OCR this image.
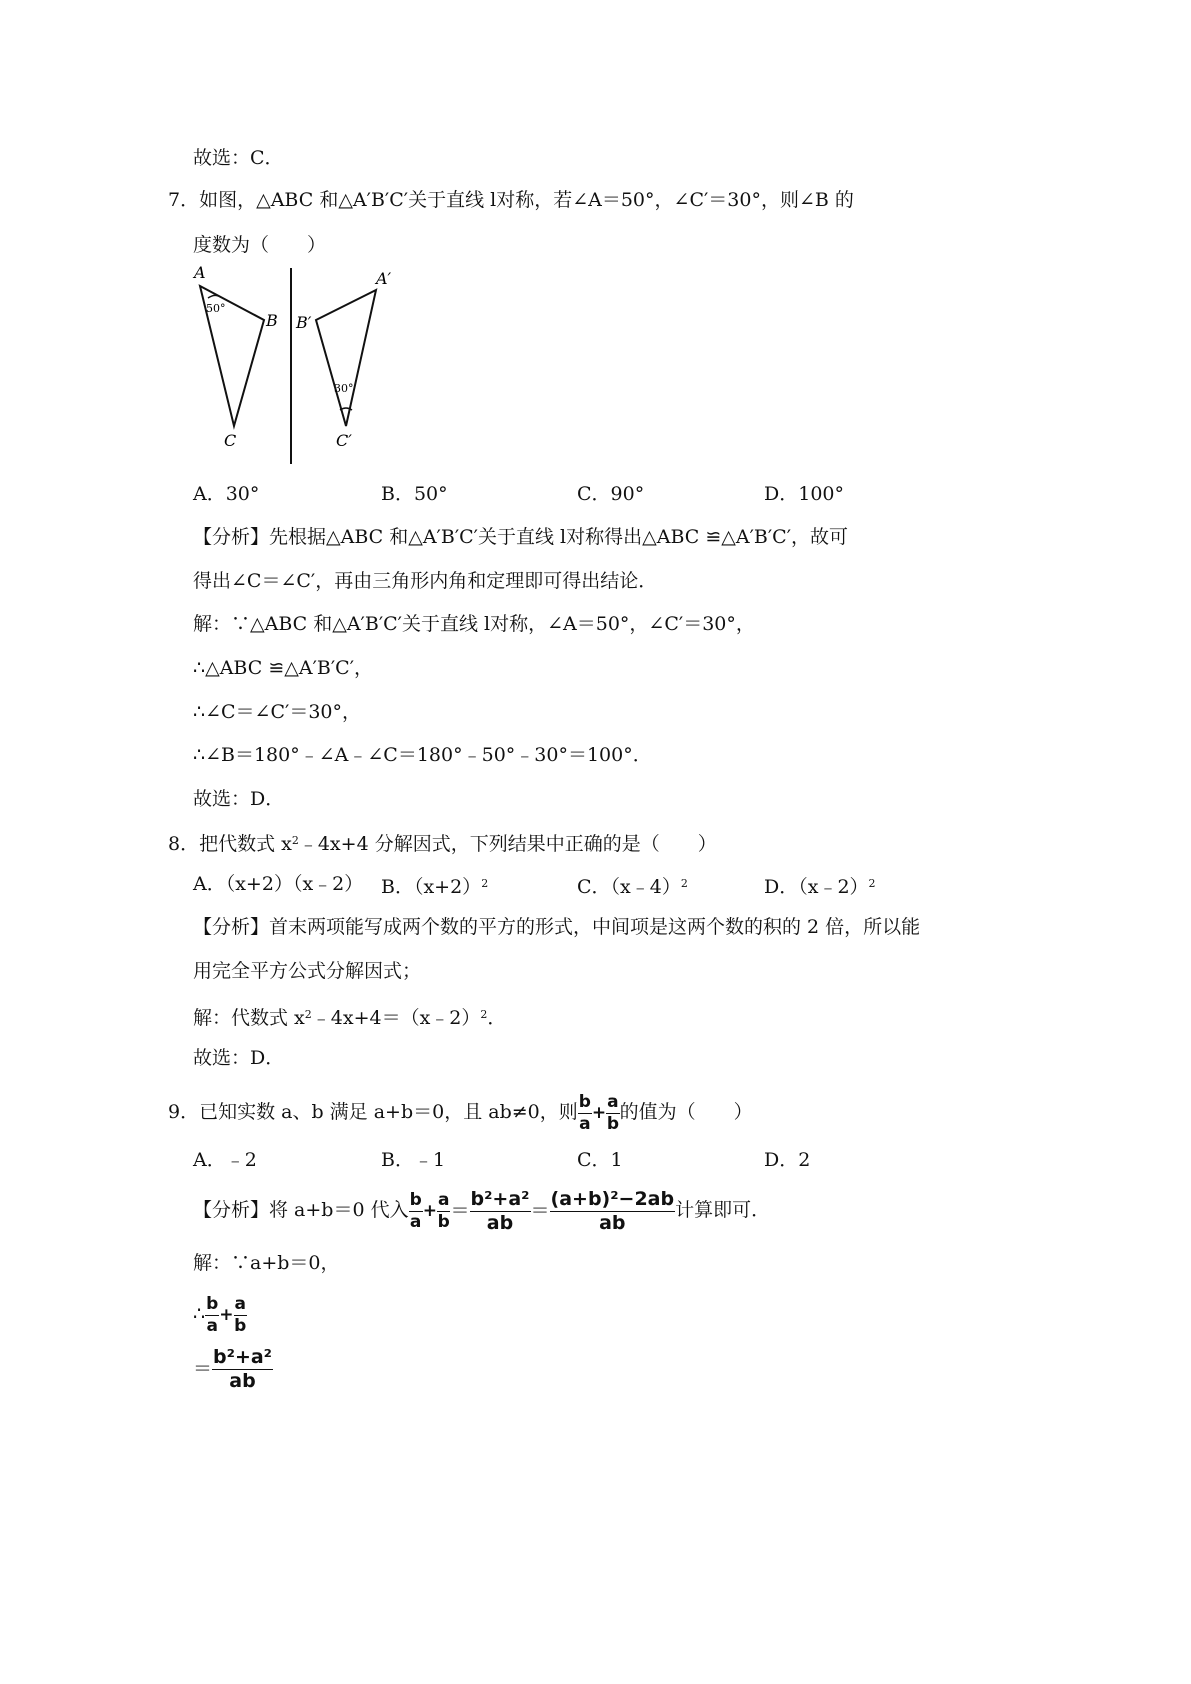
故选：C．
7．如图，△ABC 和△A′B′C′关于直线 l对称，若∠A＝50°，∠C′＝30°，则∠B 的
度数为（　　）
A
B
C
50°
A′
B′
C′
30°
A．30°	B．50°	C．90°	D．100°
【分析】先根据△ABC 和△A′B′C′关于直线 l对称得出△ABC ≌△A′B′C′，故可
得出∠C＝∠C′，再由三角形内角和定理即可得出结论．
解：∵△ABC 和△A′B′C′关于直线 l对称，∠A＝50°，∠C′＝30°，
∴△ABC ≌△A′B′C′，
∴∠C＝∠C′＝30°，
∴∠B＝180°﹣∠A﹣∠C＝180°﹣50°﹣30°＝100°．
故选：D．
8．把代数式 $x^2﹣4x+4$ 分解因式，下列结果中正确的是（　　）
A．（x+2）（x﹣2） B．$(x+2)^2$	C．（x﹣4）$^2$	D．（x﹣2）$^2$
【分析】首末两项能写成两个数的平方的形式，中间项是这两个数的积的 2 倍，所以能
用完全平方公式分解因式；
解：代数式 $x^2﹣4x+4=(x﹣2)^2$．
故选：D．
9．已知实数 a、b 满足 a+b＝0，且 ab≠0，则 $\frac{b}{a} + \frac{a}{b}$ 的值为（　　）
A．﹣2	B．﹣1	C．1	D．2
【分析】将 a+b＝0 代入 $\frac{b}{a} + \frac{a}{b} = \frac{\text{b²+a²}}{ab} = \frac{\text{(a+b)²−2ab}}{ab}$ 计算即可．
解：∵a+b＝0，
∴ $\frac{b}{a} + \frac{a}{b}$
＝ $\frac{\text{b²+a²}}{ab}$
